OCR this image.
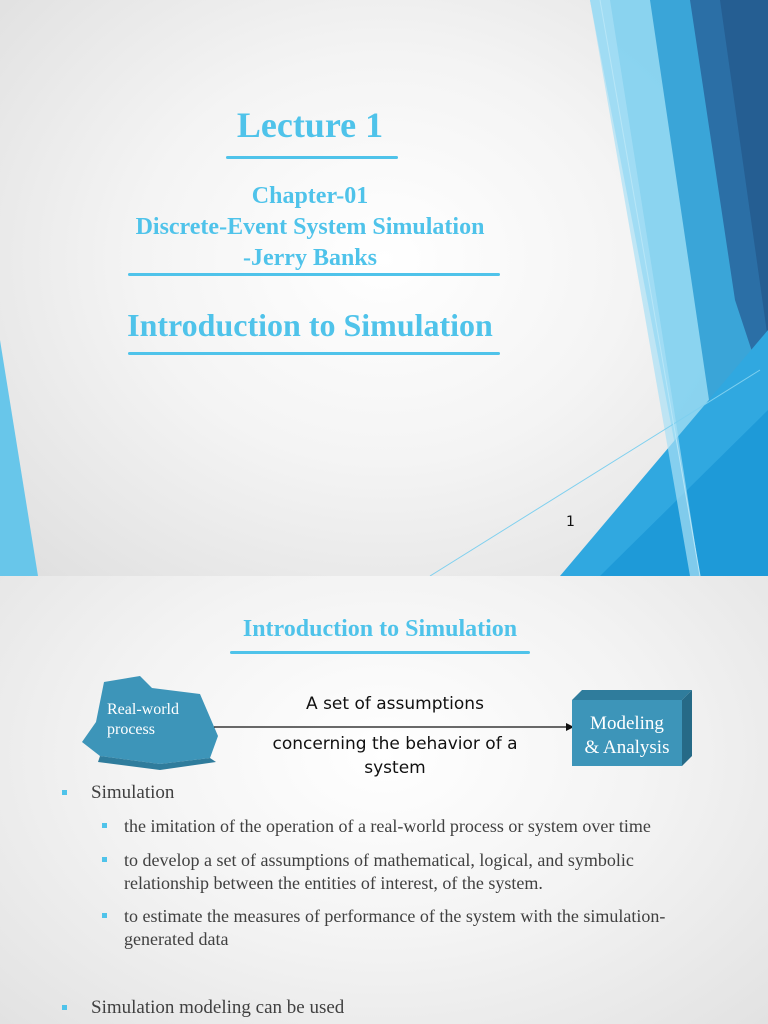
Lecture 1
Chapter-01
Discrete-Event System Simulation
-Jerry Banks
Introduction to Simulation
1
Introduction to Simulation
Real-world
process
A set of assumptions
concerning the behavior of a
system
Modeling
& Analysis
Simulation
the imitation of the operation of a real-world process or system over time
to develop a set of assumptions of mathematical, logical, and symbolic
relationship between the entities of interest, of the system.
to estimate the measures of performance of the system with the simulation-
generated data
Simulation modeling can be used
